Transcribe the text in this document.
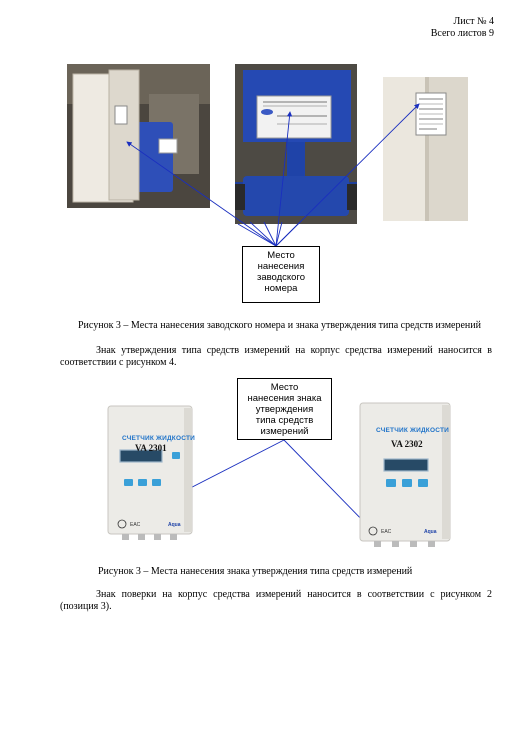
Лист № 4
Всего листов 9
Место
нанесения
заводского
номера
Рисунок 3 – Места нанесения заводского номера и знака утверждения типа средств измерений
Знак утверждения типа средств измерений на корпус средства измерений наносится в соответствии с рисунком 4.
Место
нанесения знака
утверждения
типа средств
измерений
EAC	Aqua
СЧЕТЧИК ЖИДКОСТИ
VA 2301
EAC	Aqua
СЧЕТЧИК ЖИДКОСТИ
VA 2302
Рисунок 3 – Места нанесения знака утверждения типа средств измерений
Знак поверки на корпус средства измерений наносится в соответствии с рисунком 2 (позиция 3).
